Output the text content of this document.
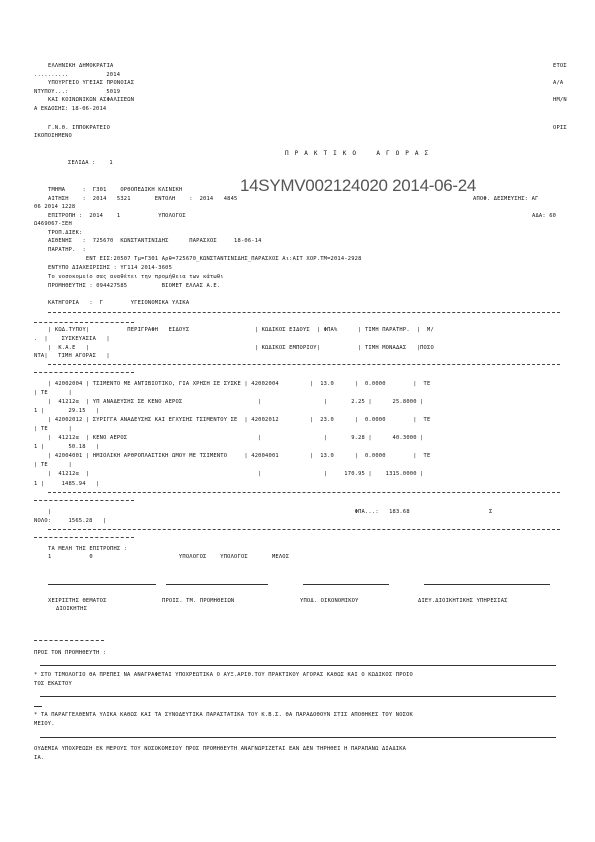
ΕΛΛΗΝΙΚΗ ΔΗΜΟΚΡΑΤΙΑ	ΕΤΟΣ
..........           2014
ΥΠΟΥΡΓΕΙΟ ΥΓΕΙΑΣ ΠΡΟΝΟΙΑΣ	Α/Α
ΝΤΥΠΟΥ...:           5019
ΚΑΙ ΚΟΙΝΩΝΙΚΩΝ ΑΣΦΑΛΙΣΕΩΝ	ΗΜ/Ν
Α ΕΚΔΟΣΗΣ: 18-06-2014
Γ.Ν.Θ. ΙΠΠΟΚΡΑΤΕΙΟ	ΟΡΙΣ
ΙΚΟΠΟΙΗΜΕΝΟ
Π Ρ Α Κ Τ Ι Κ Ο    Α Γ Ο Ρ Α Σ
ΣΕΛΙΔΑ :    1
14SYMV002124020 2014-06-24
ΤΜΗΜΑ     :  Γ301    ΟΡΘΟΠΕΔΙΚΗ ΚΛΙΝΙΚΗ
ΑΙΤΗΣΗ    :  2014   5321       ΕΝΤΟΛΗ    :  2014   4845	ΑΠΟΦ. ΔΕΣΜΕΥΣΗΣ: ΑΓ
06 2014 1228
ΕΠΙΤΡΟΠΗ :  2014    1           ΥΠΟΛΟΓΟΣ	ΑΔΑ: 60
Ω469067-ΞΕΗ
ΤΡΟΠ.ΔΙΕΚ:
ΑΣΘΕΝΗΣ   :  725670  ΚΩΝΣΤΑΝΤΙΝΙΔΗΣ      ΠΑΡΑΣΧΟΣ     18-06-14
ΠΑΡΑΤΗΡ.  :
ΕΝΤ ΕΙΣ:20507 Τμ=Γ301 Αρθ=725670_ΚΩΝΣΤΑΝΤΙΝΙΔΗΣ_ΠΑΡΑΣΧΟΣ Αι:ΑΙΤ ΧΟΡ.ΤΜ=2014-2928
ΕΝΤΥΠΟ ΔΙΑΧΕΙΡΙΣΗΣ : ΥΓ114 2014-3605
Το νοσοκομείο σας αναθέτει την προμήθεια των κάτωθι
ΠΡΟΜΗΘΕΥΤΗΣ : 094427585          ΒΙΟΜΕΤ ΕΛΛΑΣ Α.Ε.
ΚΑΤΗΓΟΡΙΑ   :  Γ        ΥΓΕΙΟΝΟΜΙΚΑ ΥΛΙΚΑ
| ΚΩΔ.ΤΥΠΟΥ|           ΠΕΡΙΓΡΑΦΗ   ΕΙΔΟΥΣ                   | ΚΩΔΙΚΟΣ ΕΙΔΟΥΣ  | ΦΠΑ%      | ΤΙΜΗ ΠΑΡΑΤΗΡ.  |  Μ/
.  |    ΣΥΣΚΕΥΑΣΙΑ   |
|  Κ.Α.Ε   |                                                | ΚΩΔΙΚΟΣ ΕΜΠΟΡΙΟΥ|           | ΤΙΜΗ ΜΟΝΑΔΑΣ   |ΠΟΣΟ
ΝΤΑ|   ΤΙΜΗ ΑΓΟΡΑΣ   |
| 42002004 | ΤΣΙΜΕΝΤΟ ΜΕ ΑΝΤΙΒΙΟΤΙΚΟ, ΓΙΑ ΧΡΗΣΗ ΣΕ ΣΥΣΚΕ | 42002004         |  13.0      |  0.0000        |  ΤΕ
| ΤΕ      |
|  41212α  | ΥΠ ΑΝΑΔΕΥΣΗΣ ΣΕ ΚΕΝΟ ΑΕΡΟΣ                      |                  |       2.25 |      25.8000 |
1 |       29.15   |
| 42002012 | ΣΥΡΙΓΓΑ ΑΝΑΔΕΥΣΗΣ ΚΑΙ ΕΓΧΥΣΗΣ ΤΣΙΜΕΝΤΟΥ ΣΕ  | 42002012         |  23.0      |  0.0000        |  ΤΕ
| ΤΕ      |
|  41212α  | ΚΕΝΟ ΑΕΡΟΣ                                      |                  |       9.28 |      40.3000 |
1 |       50.18   |
| 42004001 | ΗΜΙΟΛΙΚΗ ΑΡΘΡΟΠΛΑΣΤΙΚΗ ΩΜΟΥ ΜΕ ΤΣΙΜΕΝΤΟ     | 42004001         |  13.0      |  0.0000        |  ΤΕ
| ΤΕ      |
|  41212α  |                                                 |                  |     170.95 |    1315.0000 |
1 |     1485.94   |
|                                                                                        ΦΠΑ...:   183.68                       Σ
ΝΟΛΟ:     1565.28   |
ΤΑ ΜΕΛΗ ΤΗΣ ΕΠΙΤΡΟΠΗΣ :
1           0                         ΥΠΟΛΟΓΟΣ    ΥΠΟΛΟΓΟΣ       ΜΕΛΟΣ
ΧΕΙΡΙΣΤΗΣ ΘΕΜΑΤΟΣ
ΔΙΟΙΚΗΤΗΣ
ΠΡΟΙΣ. ΤΜ. ΠΡΟΜΗΘΕΙΩΝ	ΥΠΟΔ. ΟΙΚΟΝΟΜΙΚΟΥ	ΔΙΕΥ.ΔΙΟΙΚΗΤΙΚΗΣ ΥΠΗΡΕΣΙΑΣ
ΠΡΟΣ ΤΟΝ ΠΡΟΜΗΘΕΥΤΗ :
* ΣΤΟ ΤΙΜΟΛΟΓΙΟ ΘΑ ΠΡΕΠΕΙ ΝΑ ΑΝΑΓΡΑΦΕΤΑΙ ΥΠΟΧΡΕΩΤΙΚΑ Ο ΑΥΞ.ΑΡΙΘ.ΤΟΥ ΠΡΑΚΤΙΚΟΥ ΑΓΟΡΑΣ ΚΑΘΩΣ ΚΑΙ Ο ΚΩΔΙΚΟΣ ΠΡΟΙΟ
ΤΟΣ ΕΚΑΣΤΟΥ
* ΤΑ ΠΑΡΑΓΓΕΛΘΕΝΤΑ ΥΛΙΚΑ ΚΑΘΩΣ ΚΑΙ ΤΑ ΣΥΝΟΔΕΥΤΙΚΑ ΠΑΡΑΣΤΑΤΙΚΑ ΤΟΥ Κ.Β.Σ. ΘΑ ΠΑΡΑΔΟΘΟΥΝ ΣΤΙΣ ΑΠΟΘΗΚΕΣ ΤΟΥ ΝΟΣΟΚ
ΜΕΙΟΥ.
ΟΥΔΕΜΙΑ ΥΠΟΧΡΕΩΣΗ ΕΚ ΜΕΡΟΥΣ ΤΟΥ ΝΟΣΟΚΟΜΕΙΟΥ ΠΡΟΣ ΠΡΟΜΗΘΕΥΤΗ ΑΝΑΓΝΩΡΙΖΕΤΑΙ ΕΑΝ ΔΕΝ ΤΗΡΗΘΕΙ Η ΠΑΡΑΠΑΝΩ ΔΙΑΔΙΚΑ
ΙΑ.
